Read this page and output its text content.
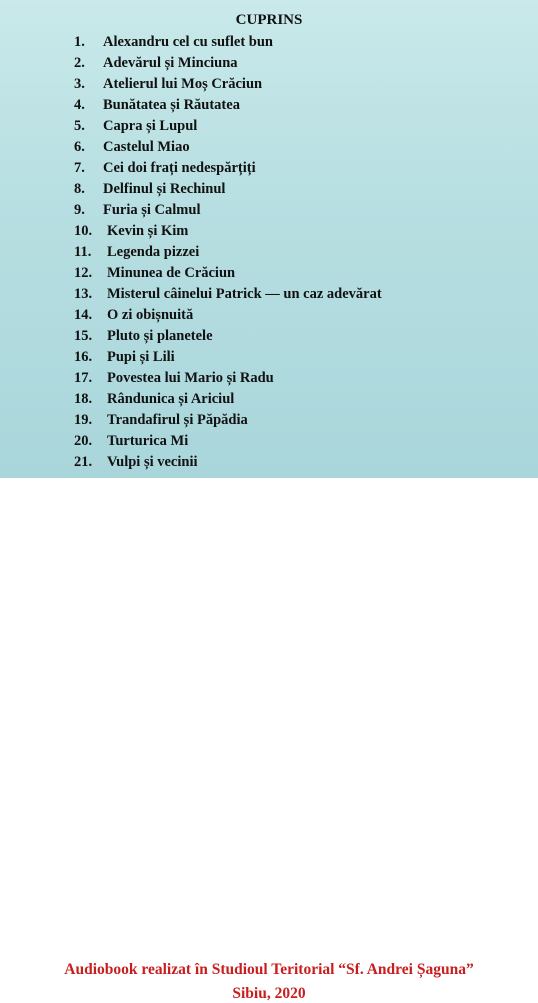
CUPRINS
1. Alexandru cel cu suflet bun
2. Adevărul și Minciuna
3. Atelierul lui Moș Crăciun
4. Bunătatea și Răutatea
5. Capra și Lupul
6. Castelul Miao
7. Cei doi frați nedespărțiți
8. Delfinul și Rechinul
9. Furia și Calmul
10. Kevin și Kim
11. Legenda pizzei
12. Minunea de Crăciun
13. Misterul câinelui Patrick — un caz adevărat
14. O zi obișnuită
15. Pluto și planetele
16. Pupi și Lili
17. Povestea lui Mario și Radu
18. Rândunica și Ariciul
19. Trandafirul și Păpădia
20. Turturica Mi
21. Vulpi și vecinii
Audiobook realizat în Studioul Teritorial “Sf. Andrei Șaguna”
Sibiu, 2020
